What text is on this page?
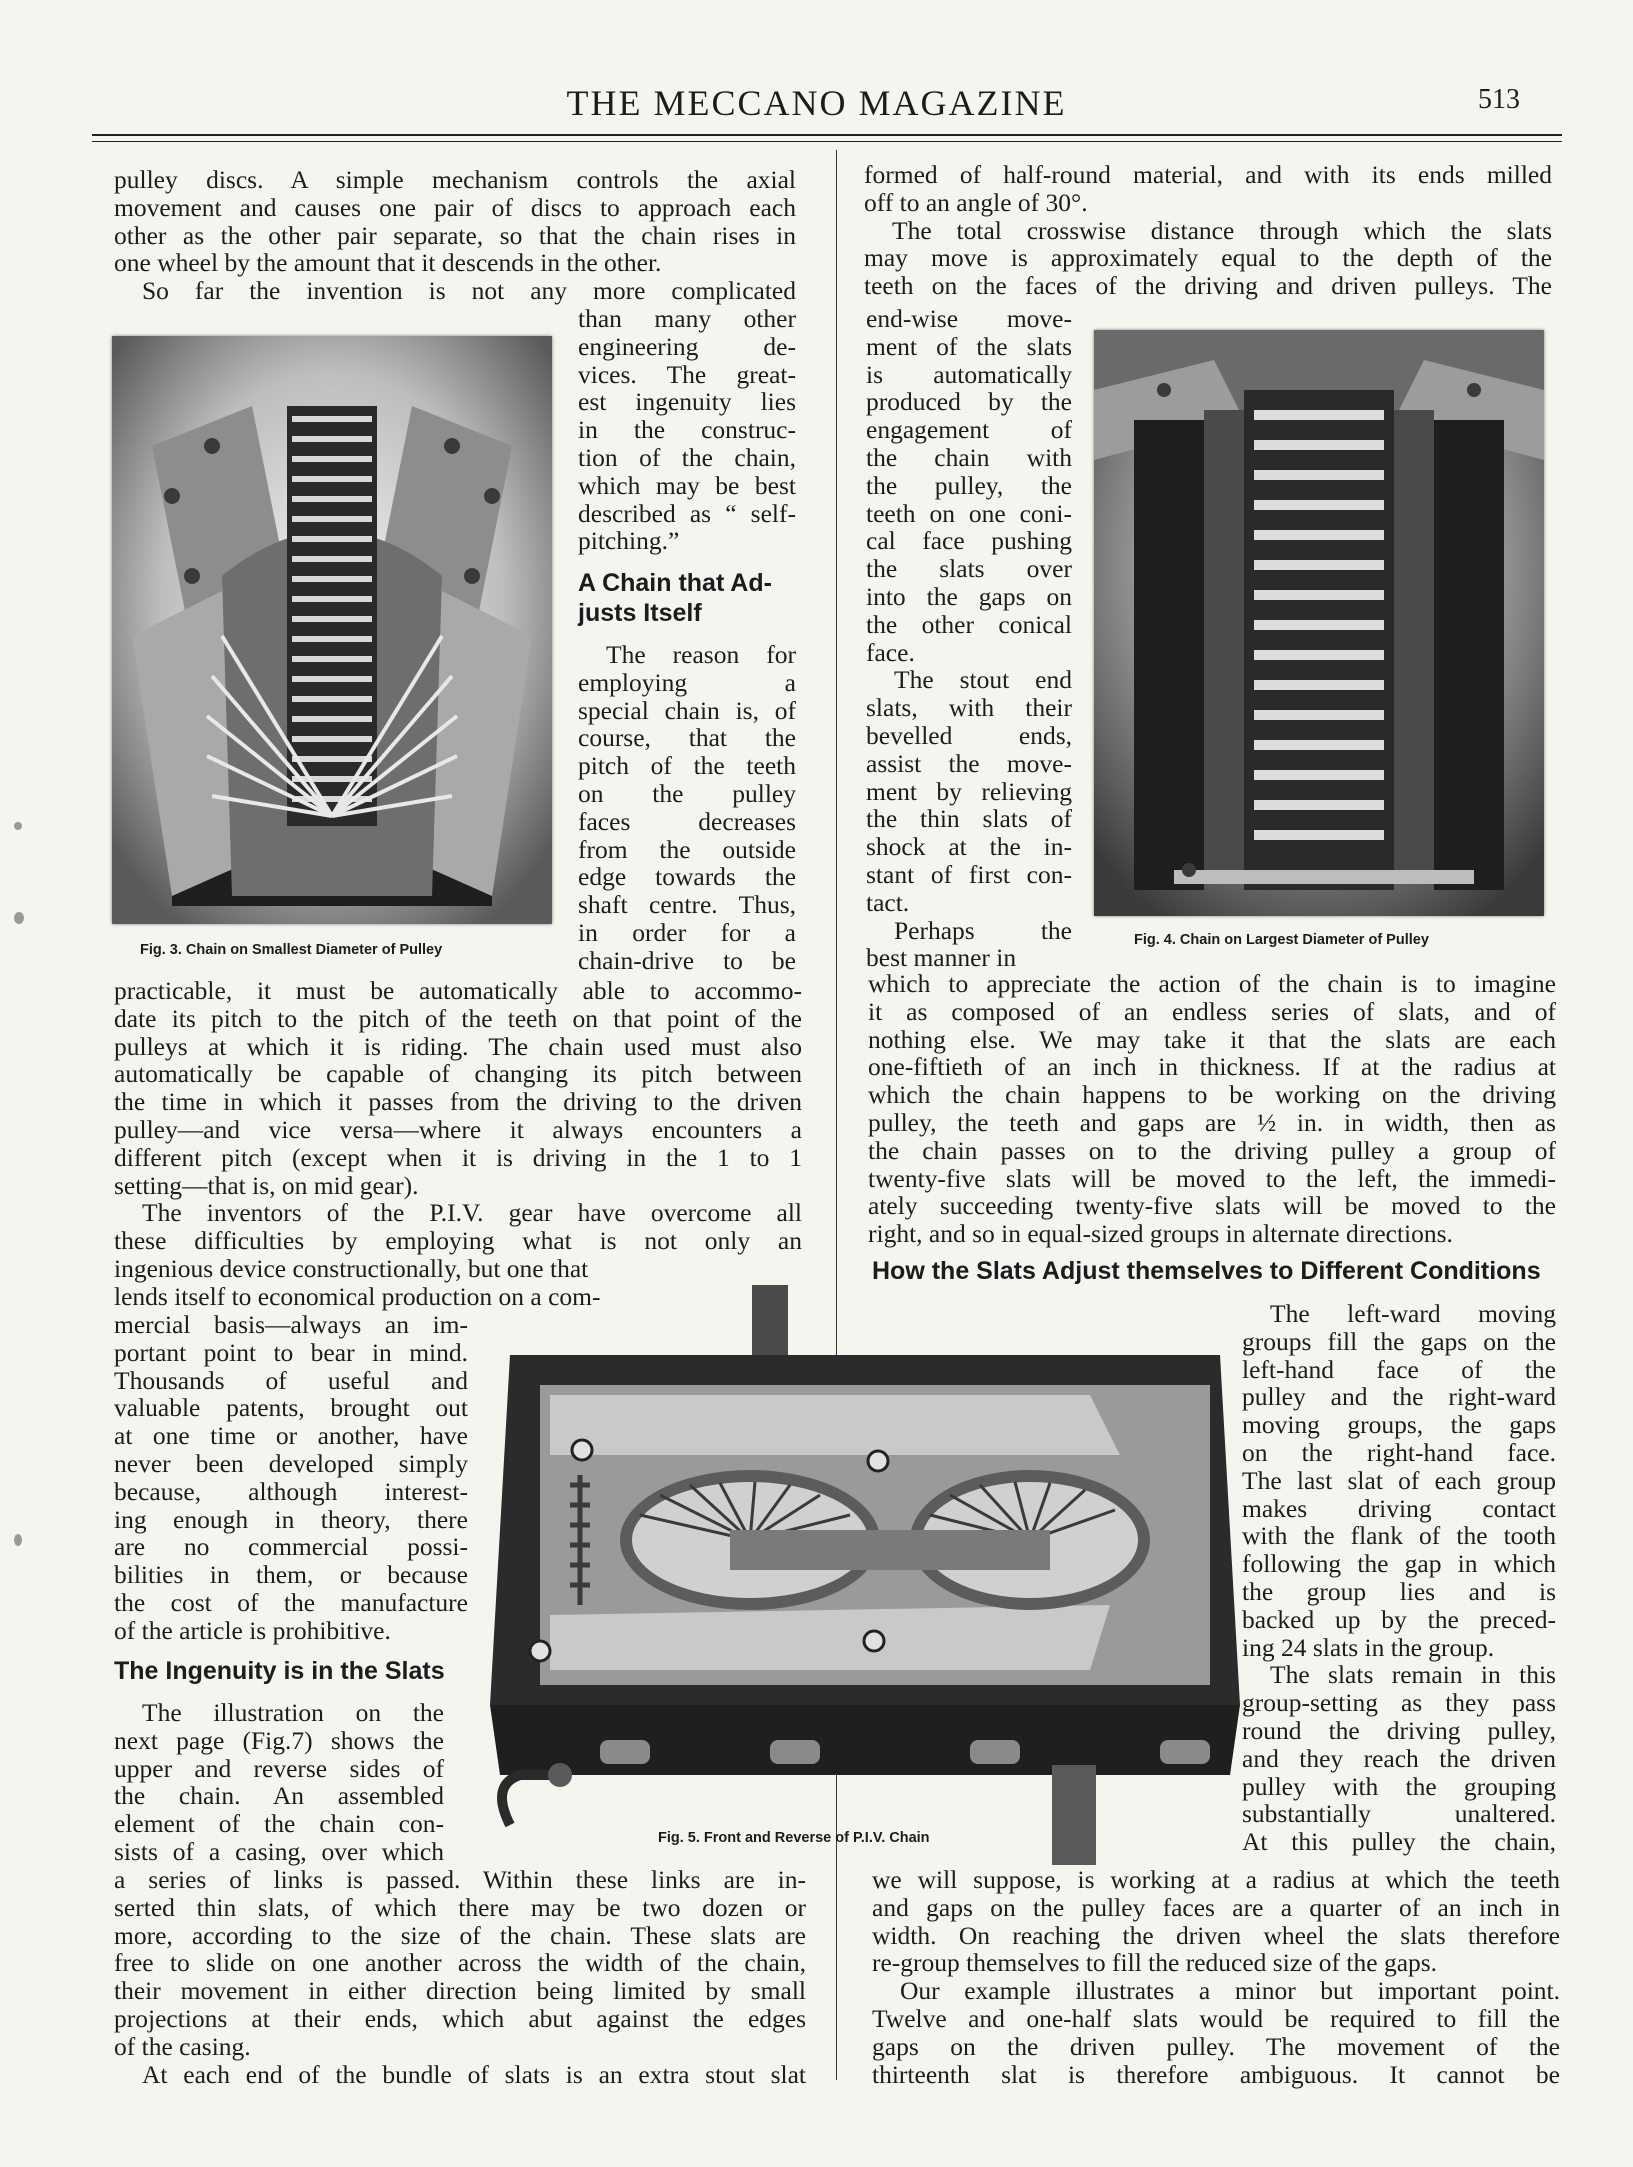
THE MECCANO MAGAZINE	513
pulley discs. A simple mechanism controls the axial
movement and causes one pair of discs to approach each
other as the other pair separate, so that the chain rises in
one wheel by the amount that it descends in the other.
So far the invention is not any more complicated
Fig. 3. Chain on Smallest Diameter of Pulley
than many other
engineering de-
vices. The great-
est ingenuity lies
in the construc-
tion of the chain,
which may be best
described as “ self-
pitching.”
A Chain that Ad-
justs Itself
The reason for
employing a
special chain is, of
course, that the
pitch of the teeth
on the pulley
faces decreases
from the outside
edge towards the
shaft centre. Thus,
in order for a
chain-drive to be
practicable, it must be automatically able to accommo-
date its pitch to the pitch of the teeth on that point of the
pulleys at which it is riding. The chain used must also
automatically be capable of changing its pitch between
the time in which it passes from the driving to the driven
pulley—and vice versa—where it always encounters a
different pitch (except when it is driving in the 1 to 1
setting—that is, on mid gear).
The inventors of the P.I.V. gear have overcome all
these difficulties by employing what is not only an
ingenious device constructionally, but one that
lends itself to economical production on a com-
mercial basis—always an im-
portant point to bear in mind.
Thousands of useful and
valuable patents, brought out
at one time or another, have
never been developed simply
because, although interest-
ing enough in theory, there
are no commercial possi-
bilities in them, or because
the cost of the manufacture
of the article is prohibitive.
The Ingenuity is in the Slats
The illustration on the
next page (Fig.7) shows the
upper and reverse sides of
the chain. An assembled
element of the chain con-
sists of a casing, over which
a series of links is passed. Within these links are in-
serted thin slats, of which there may be two dozen or
more, according to the size of the chain. These slats are
free to slide on one another across the width of the chain,
their movement in either direction being limited by small
projections at their ends, which abut against the edges
of the casing.
At each end of the bundle of slats is an extra stout slat
formed of half-round material, and with its ends milled
off to an angle of 30°.
The total crosswise distance through which the slats
may move is approximately equal to the depth of the
teeth on the faces of the driving and driven pulleys. The
end-wise move-
ment of the slats
is automatically
produced by the
engagement of
the chain with
the pulley, the
teeth on one coni-
cal face pushing
the slats over
into the gaps on
the other conical
face.
The stout end
slats, with their
bevelled ends,
assist the move-
ment by relieving
the thin slats of
shock at the in-
stant of first con-
tact.
Perhaps the
best manner in
Fig. 4. Chain on Largest Diameter of Pulley
which to appreciate the action of the chain is to imagine
it as composed of an endless series of slats, and of
nothing else. We may take it that the slats are each
one-fiftieth of an inch in thickness. If at the radius at
which the chain happens to be working on the driving
pulley, the teeth and gaps are ½ in. in width, then as
the chain passes on to the driving pulley a group of
twenty-five slats will be moved to the left, the immedi-
ately succeeding twenty-five slats will be moved to the
right, and so in equal-sized groups in alternate directions.
How the Slats Adjust themselves to Different Conditions
The left-ward moving
groups fill the gaps on the
left-hand face of the
pulley and the right-ward
moving groups, the gaps
on the right-hand face.
The last slat of each group
makes driving contact
with the flank of the tooth
following the gap in which
the group lies and is
backed up by the preced-
ing 24 slats in the group.
The slats remain in this
group-setting as they pass
round the driving pulley,
and they reach the driven
pulley with the grouping
substantially unaltered.
At this pulley the chain,
we will suppose, is working at a radius at which the teeth
and gaps on the pulley faces are a quarter of an inch in
width. On reaching the driven wheel the slats therefore
re-group themselves to fill the reduced size of the gaps.
Our example illustrates a minor but important point.
Twelve and one-half slats would be required to fill the
gaps on the driven pulley. The movement of the
thirteenth slat is therefore ambiguous. It cannot be
Fig. 5. Front and Reverse of P.I.V. Chain
